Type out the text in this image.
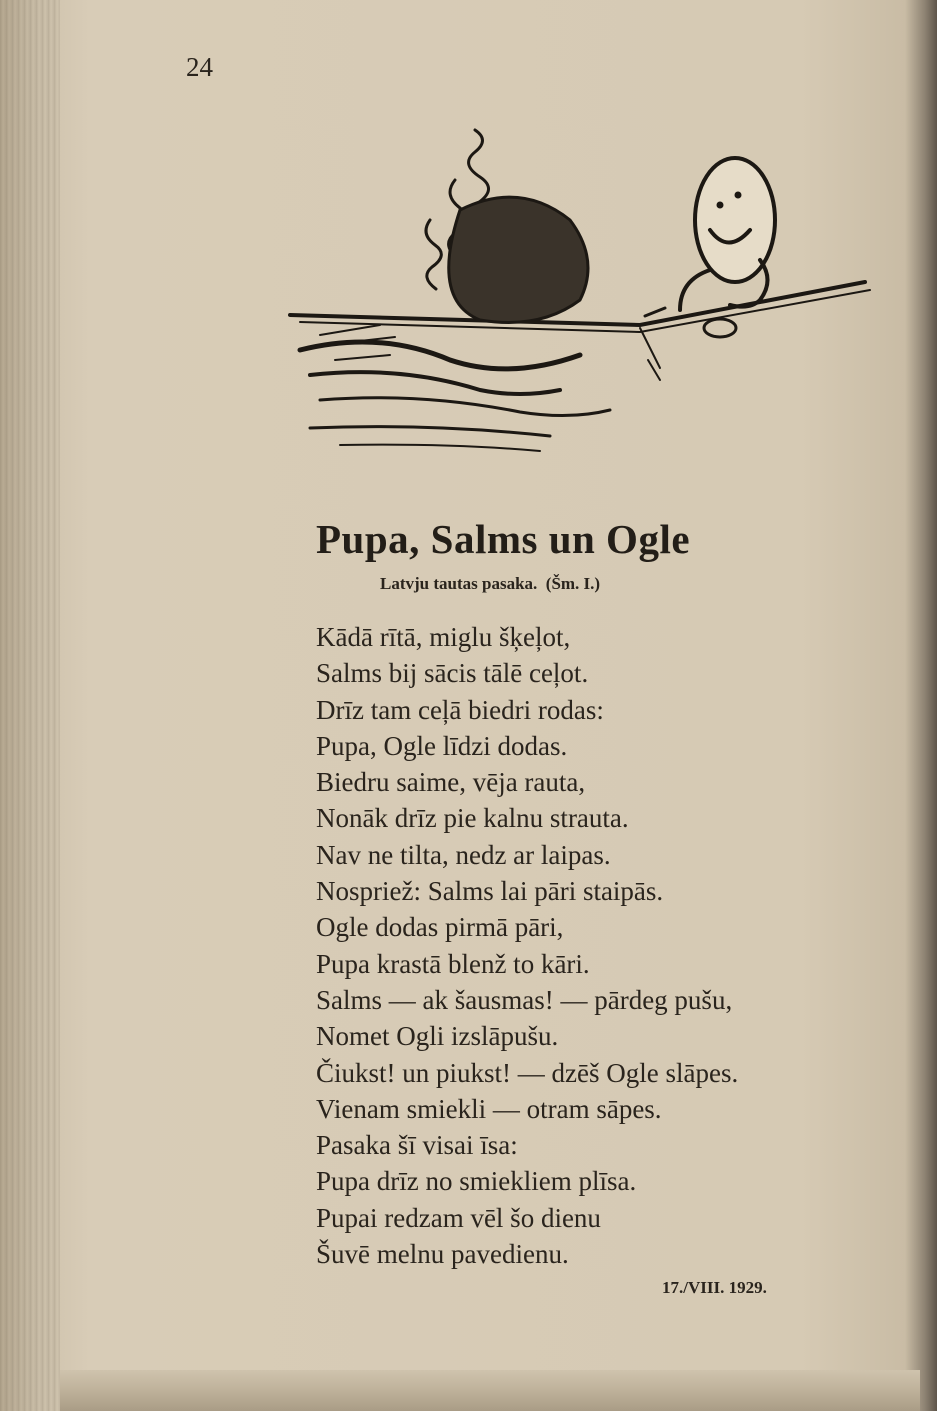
24
Pupa, Salms un Ogle
Latvju tautas pasaka.  (Šm. I.)
Kādā rītā, miglu šķeļot,
Salms bij sācis tālē ceļot.
Drīz tam ceļā biedri rodas:
Pupa, Ogle līdzi dodas.
Biedru saime, vēja rauta,
Nonāk drīz pie kalnu strauta.
Nav ne tilta, nedz ar laipas.
Nospriež: Salms lai pāri staipās.
Ogle dodas pirmā pāri,
Pupa krastā blenž to kāri.
Salms — ak šausmas! — pārdeg pušu,
Nomet Ogli izslāpušu.
Čiukst! un piukst! — dzēš Ogle slāpes.
Vienam smiekli — otram sāpes.
Pasaka šī visai īsa:
Pupa drīz no smiekliem plīsa.
Pupai redzam vēl šo dienu
Šuvē melnu pavedienu.
17./VIII. 1929.
